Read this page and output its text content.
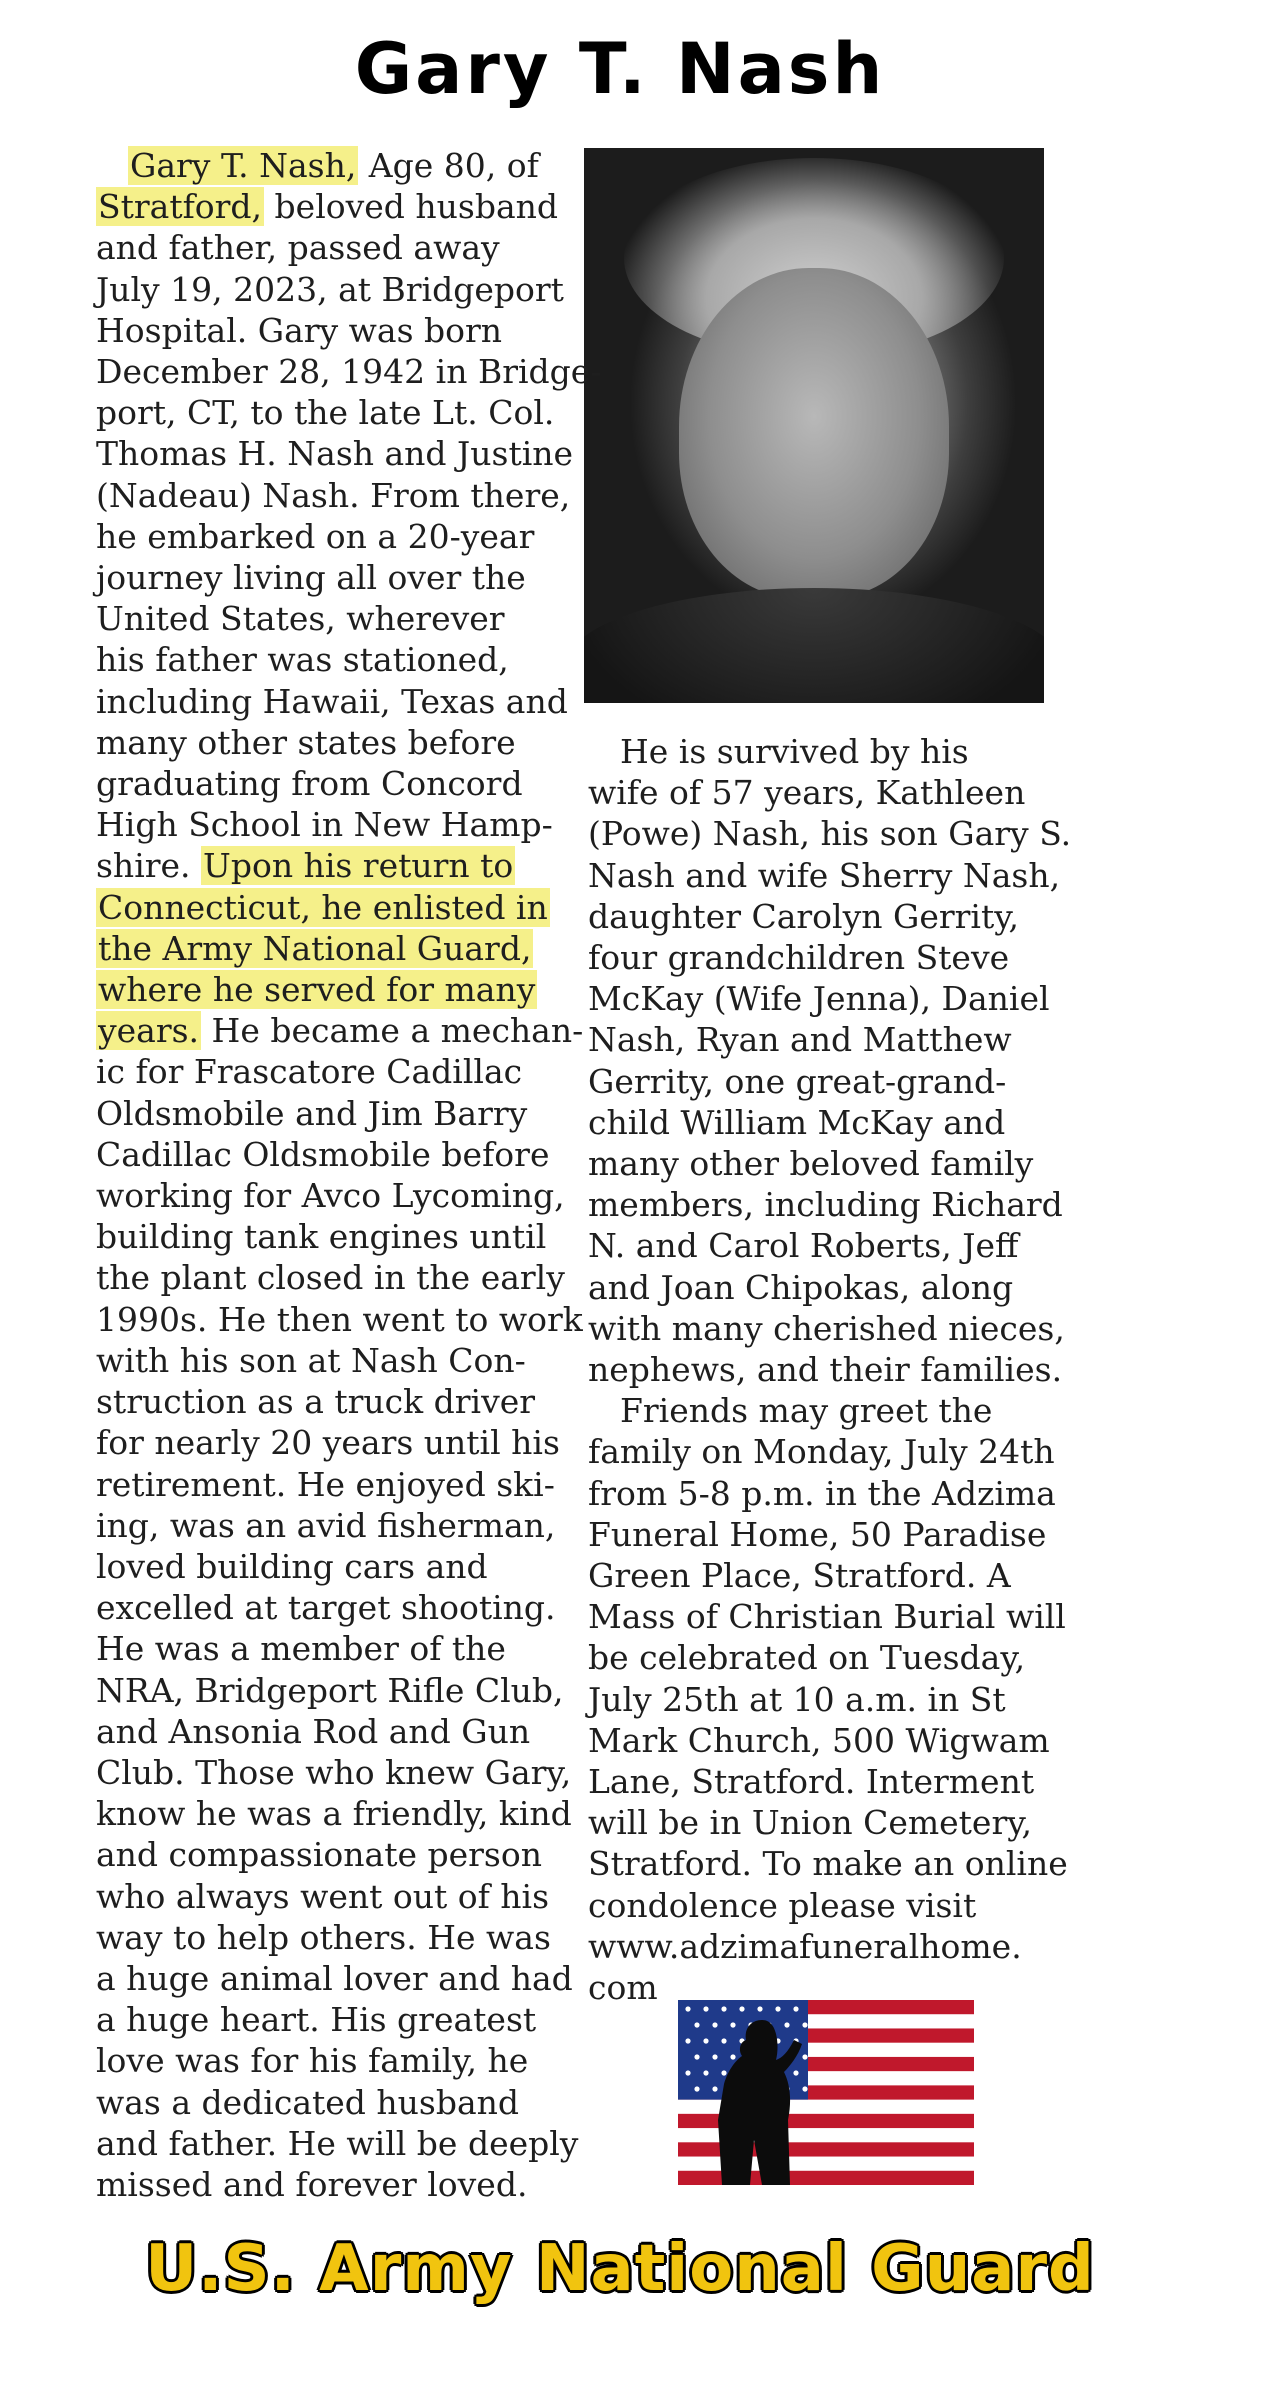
Gary T. Nash

Gary T. Nash, Age 80, of

Stratford, beloved husband

and father, passed away

July 19, 2023, at Bridgeport

Hospital. Gary was born

December 28, 1942 in Bridge-

port, CT, to the late Lt. Col.

Thomas H. Nash and Justine

(Nadeau) Nash. From there,

he embarked on a 20-year

journey living all over the

United States, wherever

his father was stationed,

including Hawaii, Texas and

many other states before

graduating from Concord

High School in New Hamp-

shire. Upon his return to

Connecticut, he enlisted in

the Army National Guard,

where he served for many

years. He became a mechan-

ic for Frascatore Cadillac

Oldsmobile and Jim Barry

Cadillac Oldsmobile before

working for Avco Lycoming,

building tank engines until

the plant closed in the early

1990s. He then went to work

with his son at Nash Con-

struction as a truck driver

for nearly 20 years until his

retirement. He enjoyed ski-

ing, was an avid fisherman,

loved building cars and

excelled at target shooting.

He was a member of the

NRA, Bridgeport Rifle Club,

and Ansonia Rod and Gun

Club. Those who knew Gary,

know he was a friendly, kind

and compassionate person

who always went out of his

way to help others. He was

a huge animal lover and had

a huge heart. His greatest

love was for his family, he

was a dedicated husband

and father. He will be deeply

missed and forever loved.

He is survived by his

wife of 57 years, Kathleen

(Powe) Nash, his son Gary S.

Nash and wife Sherry Nash,

daughter Carolyn Gerrity,

four grandchildren Steve

McKay (Wife Jenna), Daniel

Nash, Ryan and Matthew

Gerrity, one great-grand-

child William McKay and

many other beloved family

members, including Richard

N. and Carol Roberts, Jeff

and Joan Chipokas, along

with many cherished nieces,

nephews, and their families.

Friends may greet the

family on Monday, July 24th

from 5-8 p.m. in the Adzima

Funeral Home, 50 Paradise

Green Place, Stratford. A

Mass of Christian Burial will

be celebrated on Tuesday,

July 25th at 10 a.m. in St

Mark Church, 500 Wigwam

Lane, Stratford. Interment

will be in Union Cemetery,

Stratford. To make an online

condolence please visit

www.adzimafuneralhome.

com

U.S. Army National Guard
